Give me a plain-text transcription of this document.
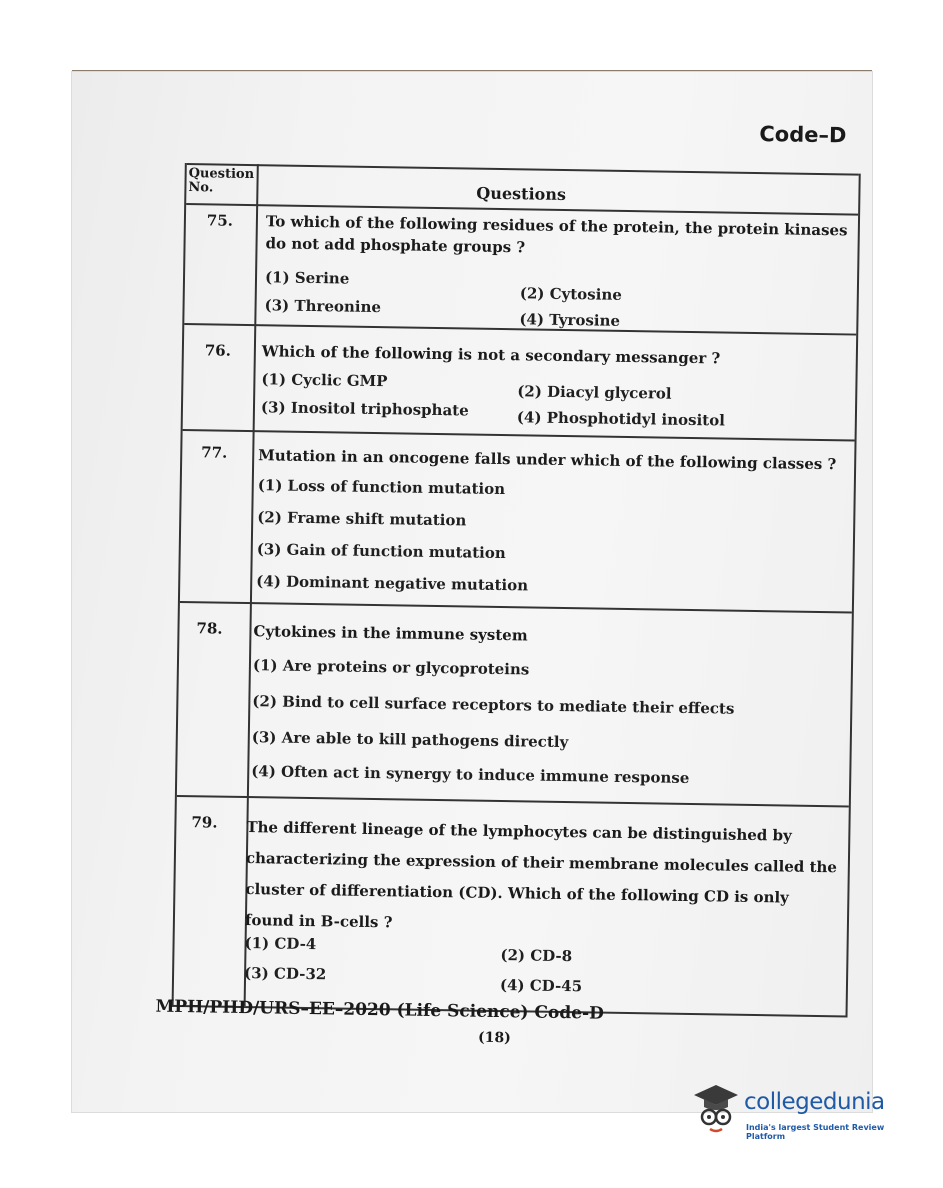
Code–D
Question No.	Questions
75.	To which of the following residues of the protein, the protein kinases do not add phosphate groups ?
(1) Serine
(2) Cytosine
(3) Threonine
(4) Tyrosine
76.	Which of the following is not a secondary messanger ?
(1) Cyclic GMP
(2) Diacyl glycerol
(3) Inositol triphosphate	(4) Phosphotidyl inositol
77.	Mutation in an oncogene falls under which of the following classes ?
(1) Loss of function mutation
(2) Frame shift mutation
(3) Gain of function mutation
(4) Dominant negative mutation
78.	Cytokines in the immune system
(1) Are proteins or glycoproteins
(2) Bind to cell surface receptors to mediate their effects
(3) Are able to kill pathogens directly
(4) Often act in synergy to induce immune response
79.	The different lineage of the lymphocytes can be distinguished by characterizing the expression of their membrane molecules called the cluster of differentiation (CD). Which of the following CD is only found in B-cells ?
(1) CD-4
(2) CD-8
(3) CD-32
(4) CD-45
MPH/PHD/URS–EE–2020 (Life Science) Code-D
(18)
collegedunia
India's largest Student Review Platform
